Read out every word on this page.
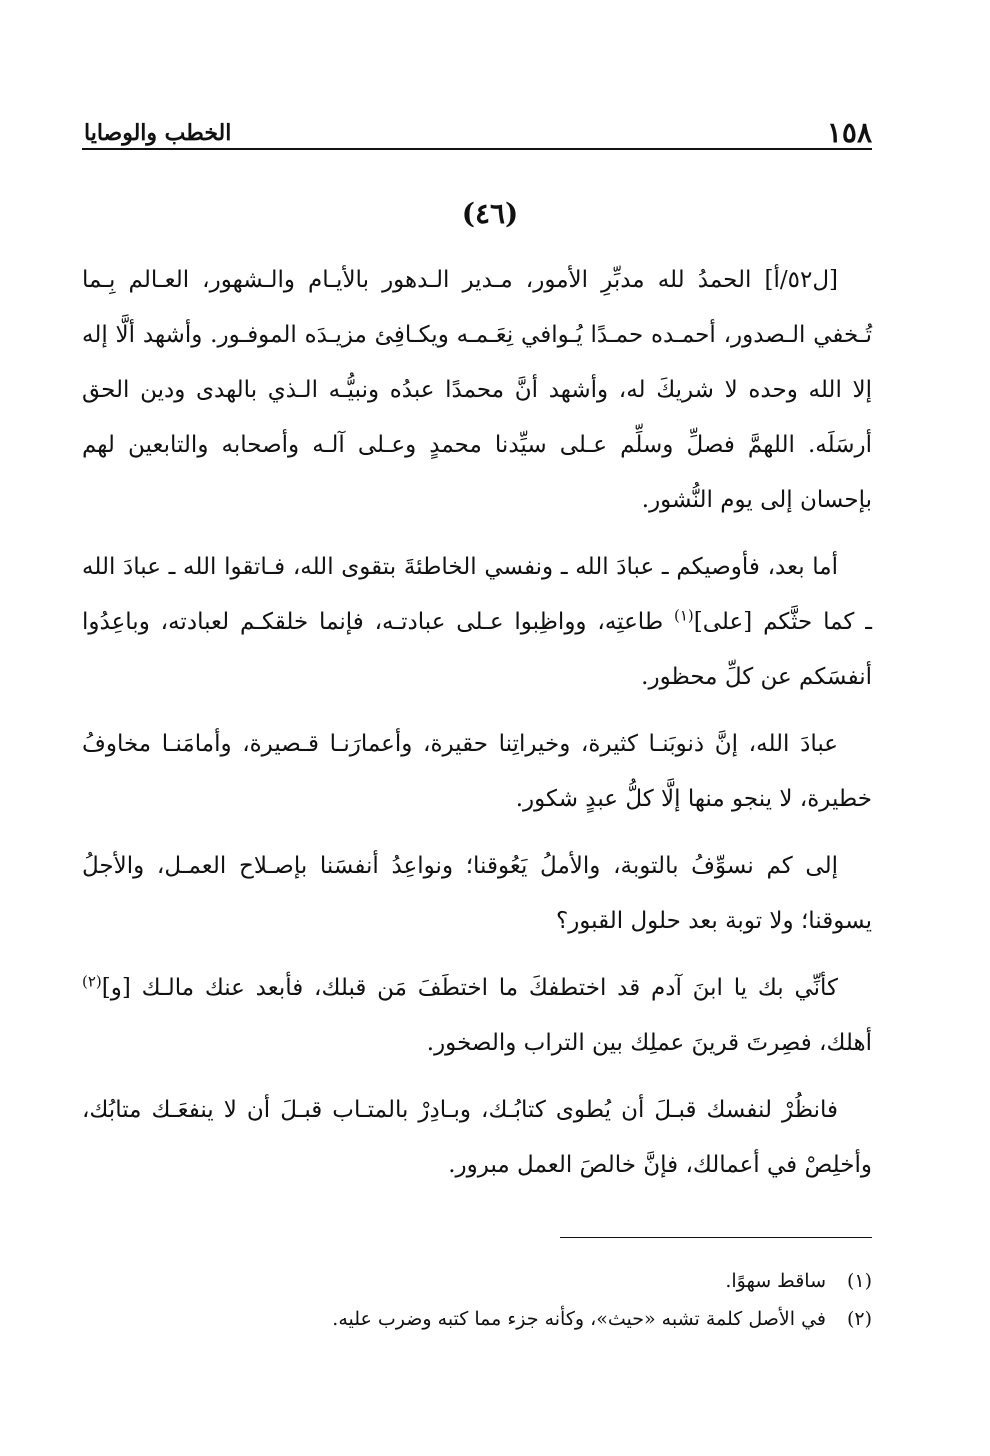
١٥٨
الخطب والوصايا
(٤٦)

[ل٥٢/أ] الحمدُ لله مدبِّرِ الأمور، مـدير الـدهور بالأيـام والـشهور، العـالم بِـما تُـخفي الـصدور، أحمـده حمـدًا يُـوافي نِعَـمـه ويكـافِئ مزيـدَه الموفـور. وأشهد ألَّا إله إلا الله وحده لا شريكَ له، وأشهد أنَّ محمدًا عبدُه ونبيُّـه الـذي بالهدى ودين الحق أرسَلَه. اللهمَّ فصلِّ وسلِّم عـلى سيِّدنا محمدٍ وعـلى آلـه وأصحابه والتابعين لهم بإحسان إلى يوم النُّشور.

أما بعد، فأوصيكم ـ عبادَ الله ـ ونفسي الخاطئةَ بتقوى الله، فـاتقوا الله ـ عبادَ الله ـ كما حثَّكم [على]$^{(١)}$ طاعتِه، وواظِبوا عـلى عبادتـه، فإنما خلقكـم لعبادته، وباعِدُوا أنفسَكم عن كلِّ محظور.

عبادَ الله، إنَّ ذنوبَنـا كثيرة، وخيراتِنا حقيرة، وأعمارَنـا قـصيرة، وأمامَنـا مخاوفُ خطيرة، لا ينجو منها إلَّا كلُّ عبدٍ شكور.

إلى كم نسوِّفُ بالتوبة، والأملُ يَعُوقنا؛ ونواعِدُ أنفسَنا بإصـلاح العمـل، والأجلُ يسوقنا؛ ولا توبة بعد حلول القبور؟

كأنِّي بك يا ابنَ آدم قد اختطفكَ ما اختطَفَ مَن قبلك، فأبعد عنك مالـك [و]$^{(٢)}$ أهلك، فصِرتَ قرينَ عملِك بين التراب والصخور.

فانظُرْ لنفسك قبـلَ أن يُطوى كتابُـك، وبـادِرْ بالمتـاب قبـلَ أن لا ينفعَـك متابُك، وأخلِصْ في أعمالك، فإنَّ خالصَ العمل مبرور.

(١)
ساقط سهوًا.
(٢)
في الأصل كلمة تشبه «حيث»، وكأنه جزء مما كتبه وضرب عليه.
